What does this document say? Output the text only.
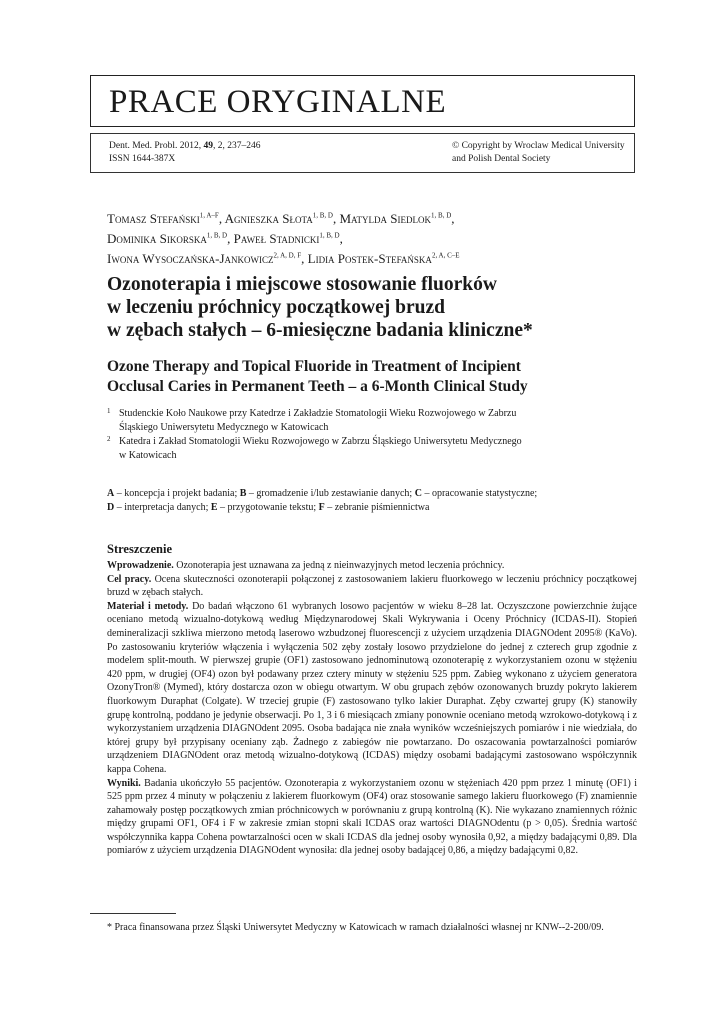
PRACE ORYGINALNE
Dent. Med. Probl. 2012, 49, 2, 237–246
ISSN 1644-387X
© Copyright by Wroclaw Medical University
and Polish Dental Society
Tomasz Stefański$^{1, A-F}$, Agnieszka Słota$^{1, B, D}$, Matylda Siedlok$^{1, B, D}$,
Dominika Sikorska$^{1, B, D}$, Paweł Stadnicki$^{1, B, D}$,
Iwona Wysoczańska-Jankowicz$^{2, A, D, F}$, Lidia Postek-Stefańska$^{2, A, C-E}$
Ozonoterapia i miejscowe stosowanie fluorków
w leczeniu próchnicy początkowej bruzd
w zębach stałych – 6-miesięczne badania kliniczne*
Ozone Therapy and Topical Fluoride in Treatment of Incipient
Occlusal Caries in Permanent Teeth – a 6-Month Clinical Study
1 Studenckie Koło Naukowe przy Katedrze i Zakładzie Stomatologii Wieku Rozwojowego w Zabrzu
Śląskiego Uniwersytetu Medycznego w Katowicach
2 Katedra i Zakład Stomatologii Wieku Rozwojowego w Zabrzu Śląskiego Uniwersytetu Medycznego
w Katowicach
A – koncepcja i projekt badania; B – gromadzenie i/lub zestawianie danych; C – opracowanie statystyczne;
D – interpretacja danych; E – przygotowanie tekstu; F – zebranie piśmiennictwa
Streszczenie

Wprowadzenie. Ozonoterapia jest uznawana za jedną z nieinwazyjnych metod leczenia próchnicy.

Cel pracy. Ocena skuteczności ozonoterapii połączonej z zastosowaniem lakieru fluorkowego w leczeniu próchnicy początkowej bruzd w zębach stałych.

Materiał i metody. Do badań włączono 61 wybranych losowo pacjentów w wieku 8–28 lat. Oczyszczone powierzchnie żujące oceniano metodą wizualno-dotykową według Międzynarodowej Skali Wykrywania i Oceny Próchnicy (ICDAS-II). Stopień demineralizacji szkliwa mierzono metodą laserowo wzbudzonej fluorescencji z użyciem urządzenia DIAGNOdent 2095® (KaVo). Po zastosowaniu kryteriów włączenia i wyłączenia 502 zęby zostały losowo przydzielone do jednej z czterech grup zgodnie z modelem split-mouth. W pierwszej grupie (OF1) zastosowano jednominutową ozonoterapię z wykorzystaniem ozonu w stężeniu 420 ppm, w drugiej (OF4) ozon był podawany przez cztery minuty w stężeniu 525 ppm. Zabieg wykonano z użyciem generatora OzonyTron® (Mymed), który dostarcza ozon w obiegu otwartym. W obu grupach zębów ozonowanych bruzdy pokryto lakierem fluorkowym Duraphat (Colgate). W trzeciej grupie (F) zastosowano tylko lakier Duraphat. Zęby czwartej grupy (K) stanowiły grupę kontrolną, poddano je jedynie obserwacji. Po 1, 3 i 6 miesiącach zmiany ponownie oceniano metodą wzrokowo-dotykową i z wykorzystaniem urządzenia DIAGNOdent 2095. Osoba badająca nie znała wyników wcześniejszych pomiarów i nie wiedziała, do której grupy był przypisany oceniany ząb. Żadnego z zabiegów nie powtarzano. Do oszacowania powtarzalności pomiarów urządzeniem DIAGNOdent oraz metodą wizualno-dotykową (ICDAS) między osobami badającymi zastosowano współczynnik kappa Cohena.

Wyniki. Badania ukończyło 55 pacjentów. Ozonoterapia z wykorzystaniem ozonu w stężeniach 420 ppm przez 1 minutę (OF1) i 525 ppm przez 4 minuty w połączeniu z lakierem fluorkowym (OF4) oraz stosowanie samego lakieru fluorkowego (F) znamiennie zahamowały postęp początkowych zmian próchnicowych w porównaniu z grupą kontrolną (K). Nie wykazano znamiennych różnic między grupami OF1, OF4 i F w zakresie zmian stopni skali ICDAS oraz wartości DIAGNOdentu (p > 0,05). Średnia wartość współczynnika kappa Cohena powtarzalności ocen w skali ICDAS dla jednej osoby wynosiła 0,92, a między badającymi 0,89. Dla pomiarów z użyciem urządzenia DIAGNOdent wynosiła: dla jednej osoby badającej 0,86, a między badającymi 0,82.

* Praca finansowana przez Śląski Uniwersytet Medyczny w Katowicach w ramach działalności własnej nr KNW--2-200/09.
